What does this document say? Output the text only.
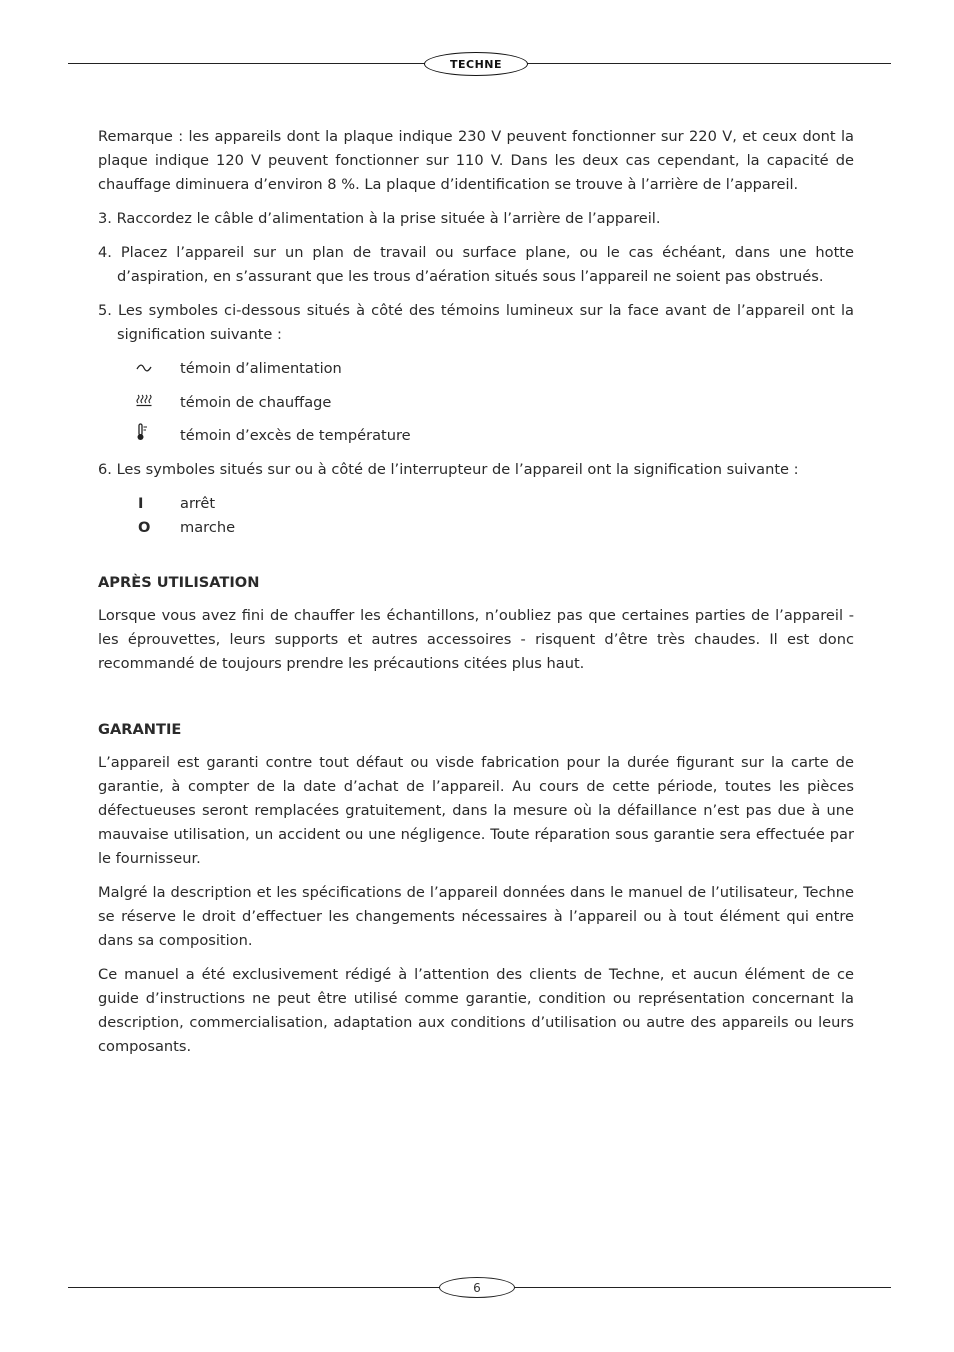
TECHNE

Remarque : les appareils dont la plaque indique 230 V peuvent fonctionner sur 220 V, et ceux dont la plaque indique 120 V peuvent fonctionner sur 110 V. Dans les deux cas cependant, la capacité de chauffage diminuera d’environ 8 %. La plaque d’identification se trouve à l’arrière de l’appareil.

3. Raccordez le câble d’alimentation à la prise située à l’arrière de l’appareil.
4. Placez l’appareil sur un plan de travail ou surface plane, ou le cas échéant, dans une hotte d’aspiration, en s’assurant que les trous d’aération situés sous l’appareil ne soient pas obstrués.
5. Les symboles ci-dessous situés à côté des témoins lumineux sur la face avant de l’appareil ont la signification suivante :
témoin d’alimentation
témoin de chauffage
témoin d’excès de température
6. Les symboles situés sur ou à côté de l’interrupteur de l’appareil ont la signification suivante :
I	arrêt
O	marche
APRÈS UTILISATION

Lorsque vous avez fini de chauffer les échantillons, n’oubliez pas que certaines parties de l’appareil - les éprouvettes, leurs supports et autres accessoires - risquent d’être très chaudes. Il est donc recommandé de toujours prendre les précautions citées plus haut.

GARANTIE

L’appareil est garanti contre tout défaut ou visde fabrication pour la durée figurant sur la carte de garantie, à compter de la date d’achat de l’appareil. Au cours de cette période, toutes les pièces défectueuses seront remplacées gratuitement, dans la mesure où la défaillance n’est pas due à une mauvaise utilisation, un accident ou une négligence. Toute réparation sous garantie sera effectuée par le fournisseur.

Malgré la description et les spécifications de l’appareil données dans le manuel de l’utilisateur, Techne se réserve le droit d’effectuer les changements nécessaires à l’appareil ou à tout élément qui entre dans sa composition.

Ce manuel a été exclusivement rédigé à l’attention des clients de Techne, et aucun élément de ce guide d’instructions ne peut être utilisé comme garantie, condition ou représentation concernant la description, commercialisation, adaptation aux conditions d’utilisation ou autre des appareils ou leurs composants.

6
